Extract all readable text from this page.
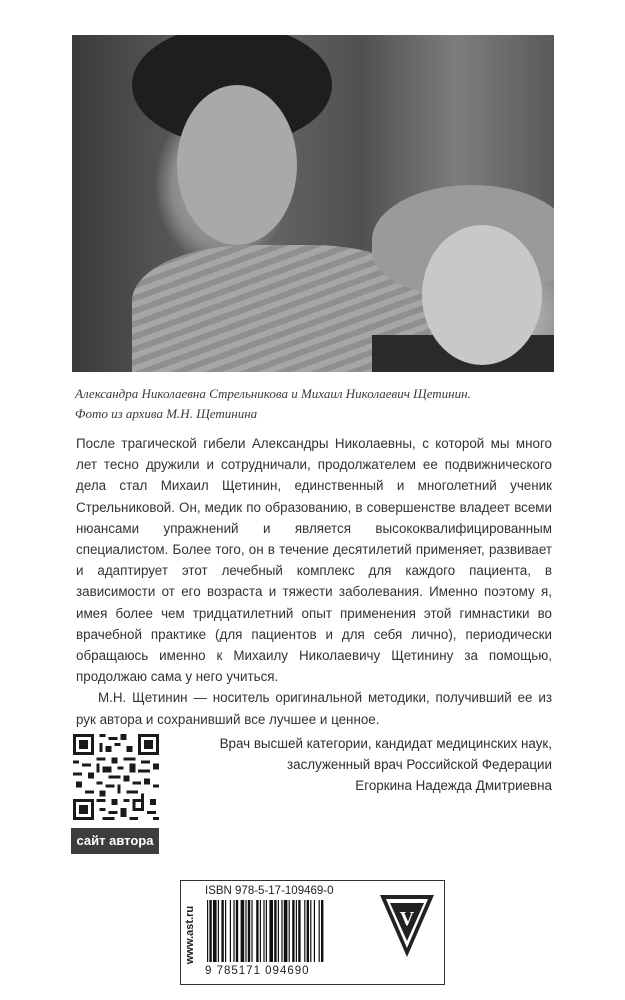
Александра Николаевна Стрельникова и Михаил Николаевич Щетинин.
Фото из архива М.Н. Щетинина

После трагической гибели Александры Николаевны, с которой мы много лет тесно дружили и сотрудничали, продолжателем ее подвижнического дела стал Михаил Щетинин, единственный и многолетний ученик Стрельниковой. Он, медик по образованию, в совершенстве владеет всеми нюансами упражнений и является высококвалифицированным специалистом. Более того, он в течение десятилетий применяет, развивает и адаптирует этот лечебный комплекс для каждого пациента, в зависимости от его возраста и тяжести заболевания. Именно поэтому я, имея более чем тридцатилетний опыт применения этой гимнастики во врачебной практике (для пациентов и для себя лично), периодически обращаюсь именно к Михаилу Николаевичу Щетинину за помощью, продолжаю сама у него учиться.

М.Н. Щетинин — носитель оригинальной методики, получивший ее из рук автора и сохранивший все лучшее и ценное.

сайт автора
Врач высшей категории, кандидат медицинских наук,
заслуженный врач Российской Федерации
Егоркина Надежда Дмитриевна
www.ast.ru
ISBN 978-5-17-109469-0
9 785171 094690
V
